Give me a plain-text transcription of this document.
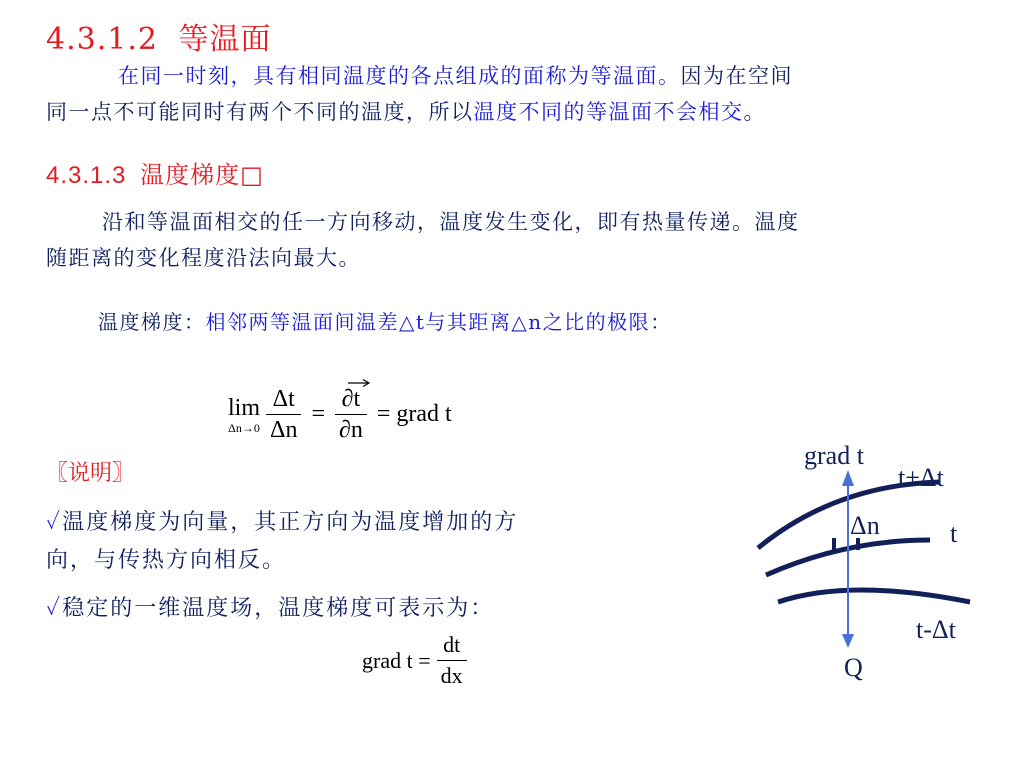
4.3.1.2 等温面
在同一时刻，具有相同温度的各点组成的面称为等温面。因为在空间
同一点不可能同时有两个不同的温度，所以温度不同的等温面不会相交。
4.3.1.3 温度梯度□
沿和等温面相交的任一方向移动，温度发生变化，即有热量传递。温度
随距离的变化程度沿法向最大。
温度梯度：相邻两等温面间温差△t与其距离△n之比的极限：
lim
$\Delta n\to 0 \frac{\Delta t}{\Delta n} = \frac{\partial t}{\partial n}$ = grad t
〖说明〗
✓温度梯度为向量，其正方向为温度增加的方
向，与传热方向相反。
✓稳定的一维温度场，温度梯度可表示为：
grad $t = \frac{dt}{dx}$
grad t
t+Δt
Δn	t
t-Δt
Q
